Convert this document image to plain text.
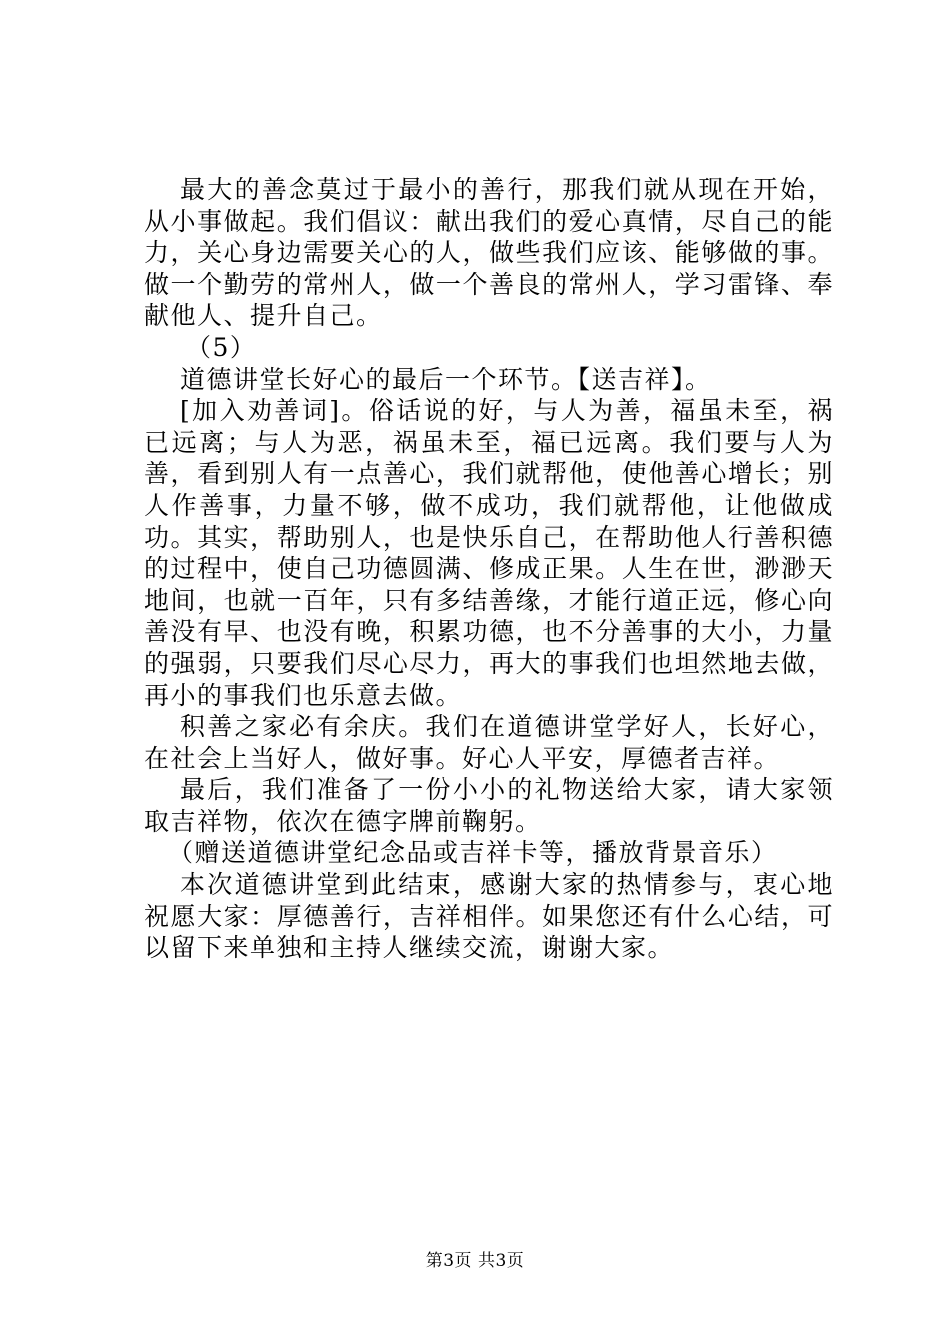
最大的善念莫过于最小的善行，那我们就从现在开始，从小事做起。我们倡议：献出我们的爱心真情，尽自己的能力，关心身边需要关心的人，做些我们应该、能够做的事。做一个勤劳的常州人，做一个善良的常州人，学习雷锋、奉献他人、提升自己。

（5）

道德讲堂长好心的最后一个环节。【送吉祥】。

[加入劝善词]。俗话说的好，与人为善，福虽未至，祸已远离；与人为恶，祸虽未至，福已远离。我们要与人为善，看到别人有一点善心，我们就帮他，使他善心增长；别人作善事，力量不够，做不成功，我们就帮他，让他做成功。其实，帮助别人，也是快乐自己，在帮助他人行善积德的过程中，使自己功德圆满、修成正果。人生在世，渺渺天地间，也就一百年，只有多结善缘，才能行道正远，修心向善没有早、也没有晚，积累功德，也不分善事的大小，力量的强弱，只要我们尽心尽力，再大的事我们也坦然地去做，再小的事我们也乐意去做。

积善之家必有余庆。我们在道德讲堂学好人，长好心，在社会上当好人，做好事。好心人平安，厚德者吉祥。

最后，我们准备了一份小小的礼物送给大家，请大家领取吉祥物，依次在德字牌前鞠躬。

（赠送道德讲堂纪念品或吉祥卡等，播放背景音乐）

本次道德讲堂到此结束，感谢大家的热情参与，衷心地祝愿大家：厚德善行，吉祥相伴。如果您还有什么心结，可以留下来单独和主持人继续交流，谢谢大家。

第3页 共3页
